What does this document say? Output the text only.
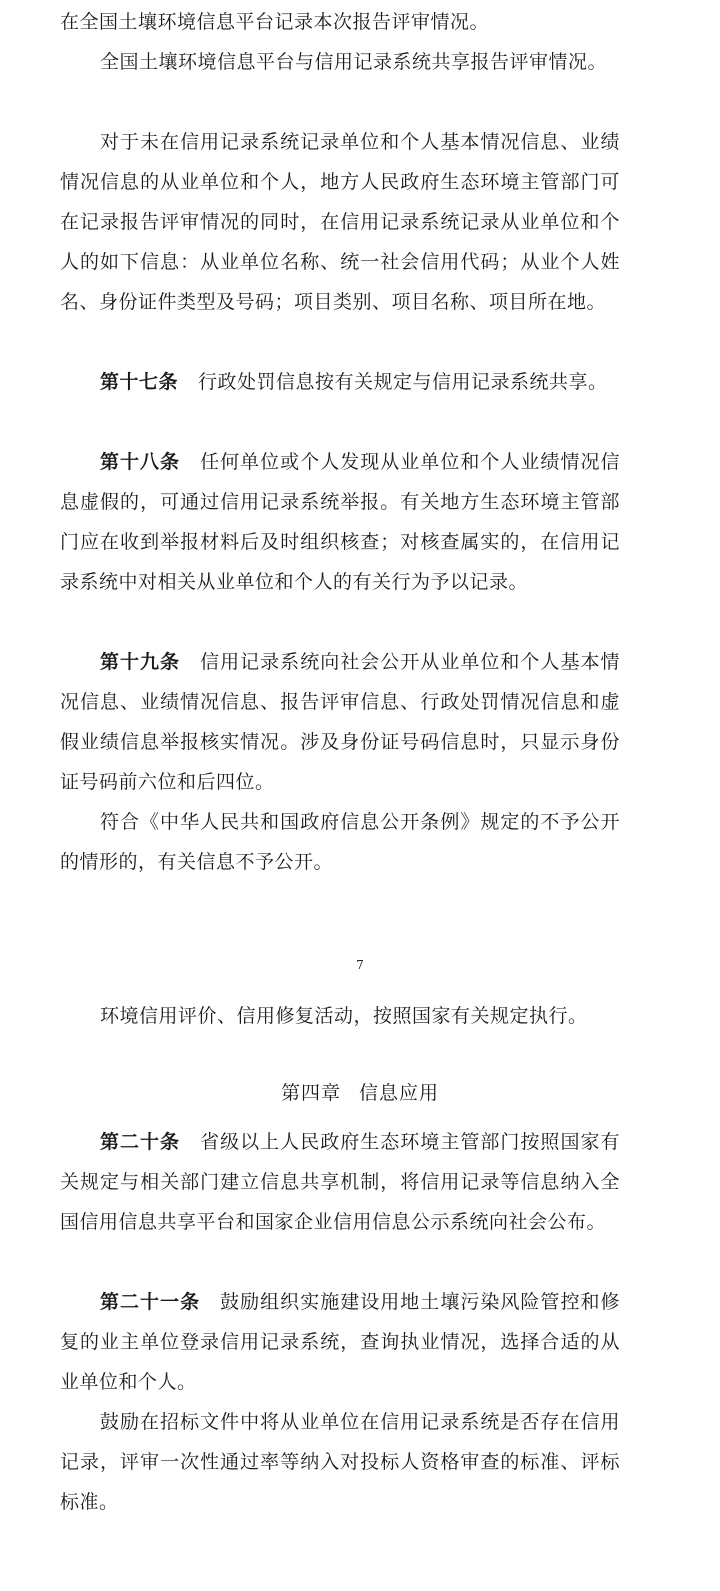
在全国土壤环境信息平台记录本次报告评审情况。

全国土壤环境信息平台与信用记录系统共享报告评审情况。

对于未在信用记录系统记录单位和个人基本情况信息、业绩情况信息的从业单位和个人，地方人民政府生态环境主管部门可在记录报告评审情况的同时，在信用记录系统记录从业单位和个人的如下信息：从业单位名称、统一社会信用代码；从业个人姓名、身份证件类型及号码；项目类别、项目名称、项目所在地。

第十七条 行政处罚信息按有关规定与信用记录系统共享。

第十八条 任何单位或个人发现从业单位和个人业绩情况信息虚假的，可通过信用记录系统举报。有关地方生态环境主管部门应在收到举报材料后及时组织核查；对核查属实的，在信用记录系统中对相关从业单位和个人的有关行为予以记录。

第十九条 信用记录系统向社会公开从业单位和个人基本情况信息、业绩情况信息、报告评审信息、行政处罚情况信息和虚假业绩信息举报核实情况。涉及身份证号码信息时，只显示身份证号码前六位和后四位。

符合《中华人民共和国政府信息公开条例》规定的不予公开的情形的，有关信息不予公开。

7

环境信用评价、信用修复活动，按照国家有关规定执行。

第四章 信息应用

第二十条 省级以上人民政府生态环境主管部门按照国家有关规定与相关部门建立信息共享机制，将信用记录等信息纳入全国信用信息共享平台和国家企业信用信息公示系统向社会公布。

第二十一条 鼓励组织实施建设用地土壤污染风险管控和修复的业主单位登录信用记录系统，查询执业情况，选择合适的从业单位和个人。

鼓励在招标文件中将从业单位在信用记录系统是否存在信用记录，评审一次性通过率等纳入对投标人资格审查的标准、评标标准。
